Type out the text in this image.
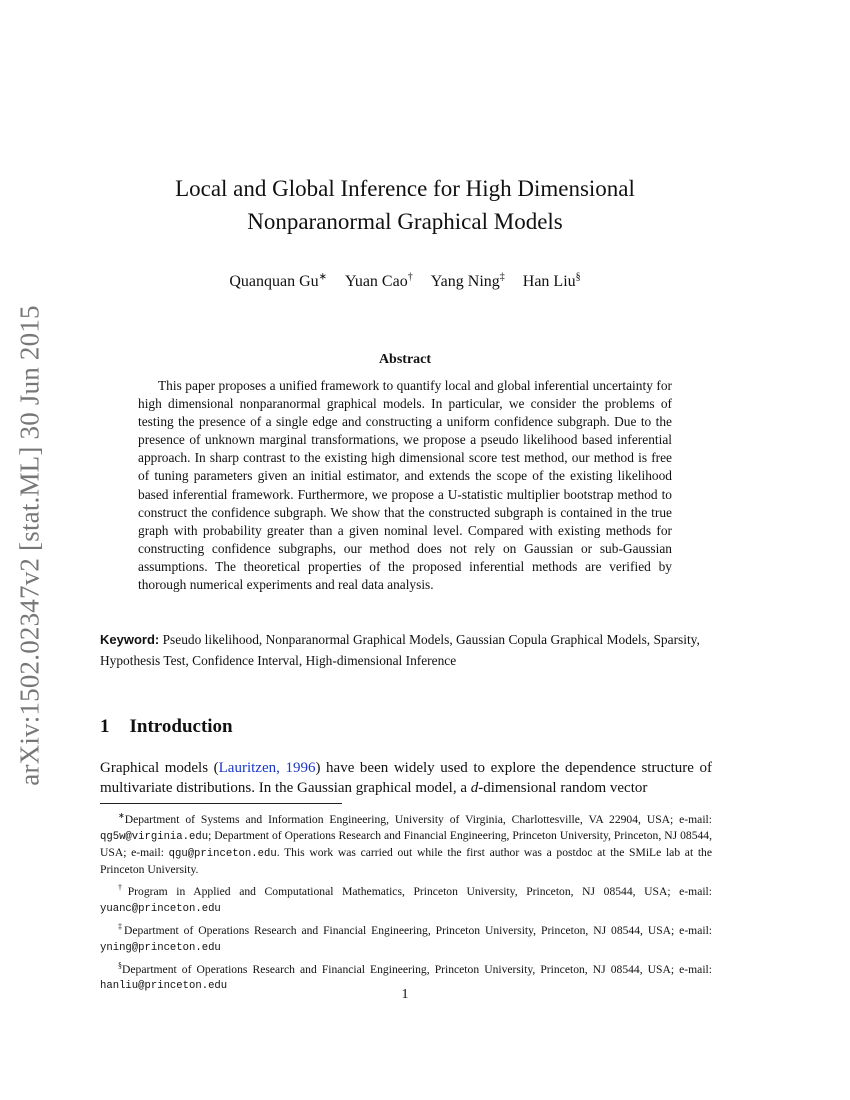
arXiv:1502.02347v2 [stat.ML] 30 Jun 2015
Local and Global Inference for High Dimensional
Nonparanormal Graphical Models
Quanquan Gu∗ Yuan Cao† Yang Ning‡ Han Liu§
Abstract
This paper proposes a unified framework to quantify local and global inferential uncertainty for high dimensional nonparanormal graphical models. In particular, we consider the problems of testing the presence of a single edge and constructing a uniform confidence subgraph. Due to the presence of unknown marginal transformations, we propose a pseudo likelihood based inferential approach. In sharp contrast to the existing high dimensional score test method, our method is free of tuning parameters given an initial estimator, and extends the scope of the existing likelihood based inferential framework. Furthermore, we propose a U-statistic multiplier bootstrap method to construct the confidence subgraph. We show that the constructed subgraph is contained in the true graph with probability greater than a given nominal level. Compared with existing methods for constructing confidence subgraphs, our method does not rely on Gaussian or sub-Gaussian assumptions. The theoretical properties of the proposed inferential methods are verified by thorough numerical experiments and real data analysis.
Keyword: Pseudo likelihood, Nonparanormal Graphical Models, Gaussian Copula Graphical Models, Sparsity, Hypothesis Test, Confidence Interval, High-dimensional Inference
1 Introduction
Graphical models (Lauritzen, 1996) have been widely used to explore the dependence structure of multivariate distributions. In the Gaussian graphical model, a d-dimensional random vector
∗Department of Systems and Information Engineering, University of Virginia, Charlottesville, VA 22904, USA; e-mail: qg5w@virginia.edu; Department of Operations Research and Financial Engineering, Princeton University, Princeton, NJ 08544, USA; e-mail: qgu@princeton.edu. This work was carried out while the first author was a postdoc at the SMiLe lab at the Princeton University.
†Program in Applied and Computational Mathematics, Princeton University, Princeton, NJ 08544, USA; e-mail: yuanc@princeton.edu
‡Department of Operations Research and Financial Engineering, Princeton University, Princeton, NJ 08544, USA; e-mail: yning@princeton.edu
§Department of Operations Research and Financial Engineering, Princeton University, Princeton, NJ 08544, USA; e-mail: hanliu@princeton.edu
1
